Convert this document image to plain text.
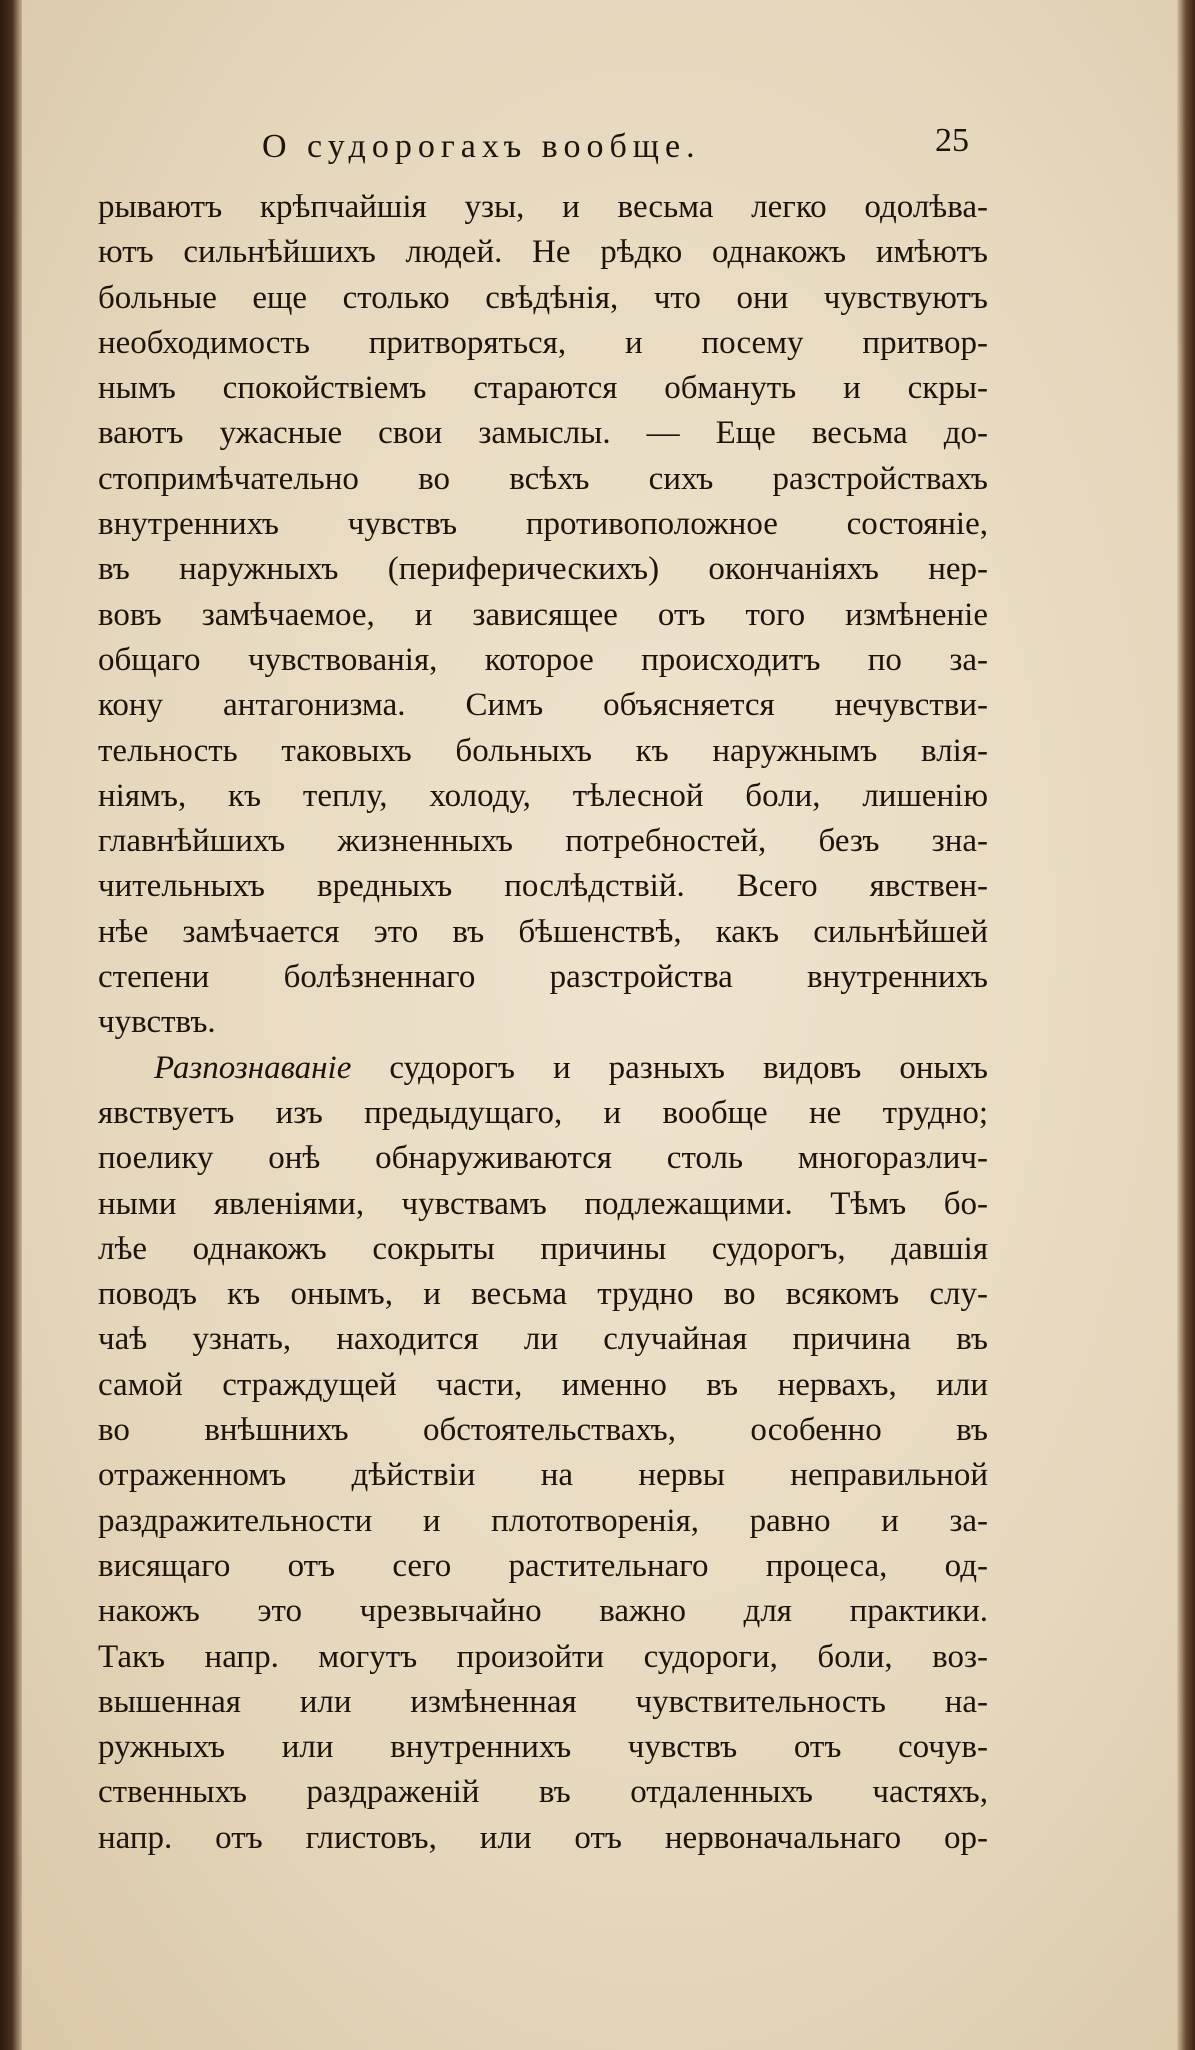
О судорогахъ вообще.	25
рываютъ крѣпчайшія узы, и весьма легко одолѣва-
ютъ сильнѣйшихъ людей. Не рѣдко однакожъ имѣютъ
больные еще столько свѣдѣнія, что они чувствуютъ
необходимость притворяться, и посему притвор-
нымъ спокойствіемъ стараются обмануть и скры-
ваютъ ужасные свои замыслы. — Еще весьма до-
стопримѣчательно во всѣхъ сихъ разстройствахъ
внутреннихъ чувствъ противоположное состояніе,
въ наружныхъ (периферическихъ) окончаніяхъ нер-
вовъ замѣчаемое, и зависящее отъ того измѣненіе
общаго чувствованія, которое происходитъ по за-
кону антагонизма. Симъ объясняется нечувстви-
тельность таковыхъ больныхъ къ наружнымъ влія-
ніямъ, къ теплу, холоду, тѣлесной боли, лишенію
главнѣйшихъ жизненныхъ потребностей, безъ зна-
чительныхъ вредныхъ послѣдствій. Всего явствен-
нѣе замѣчается это въ бѣшенствѣ, какъ сильнѣйшей
степени болѣзненнаго разстройства внутреннихъ
чувствъ.
Разпознаваніе судорогъ и разныхъ видовъ оныхъ
явствуетъ изъ предыдущаго, и вообще не трудно;
поелику онѣ обнаруживаются столь многоразлич-
ными явленіями, чувствамъ подлежащими. Тѣмъ бо-
лѣе однакожъ сокрыты причины судорогъ, давшія
поводъ къ онымъ, и весьма трудно во всякомъ слу-
чаѣ узнать, находится ли случайная причина въ
самой страждущей части, именно въ нервахъ, или
во внѣшнихъ обстоятельствахъ, особенно въ
отраженномъ дѣйствіи на нервы неправильной
раздражительности и плототворенія, равно и за-
висящаго отъ сего растительнаго процеса, од-
накожъ это чрезвычайно важно для практики.
Такъ напр. могутъ произойти судороги, боли, воз-
вышенная или измѣненная чувствительность на-
ружныхъ или внутреннихъ чувствъ отъ сочув-
ственныхъ раздраженій въ отдаленныхъ частяхъ,
напр. отъ глистовъ, или отъ нервоначальнаго ор-
